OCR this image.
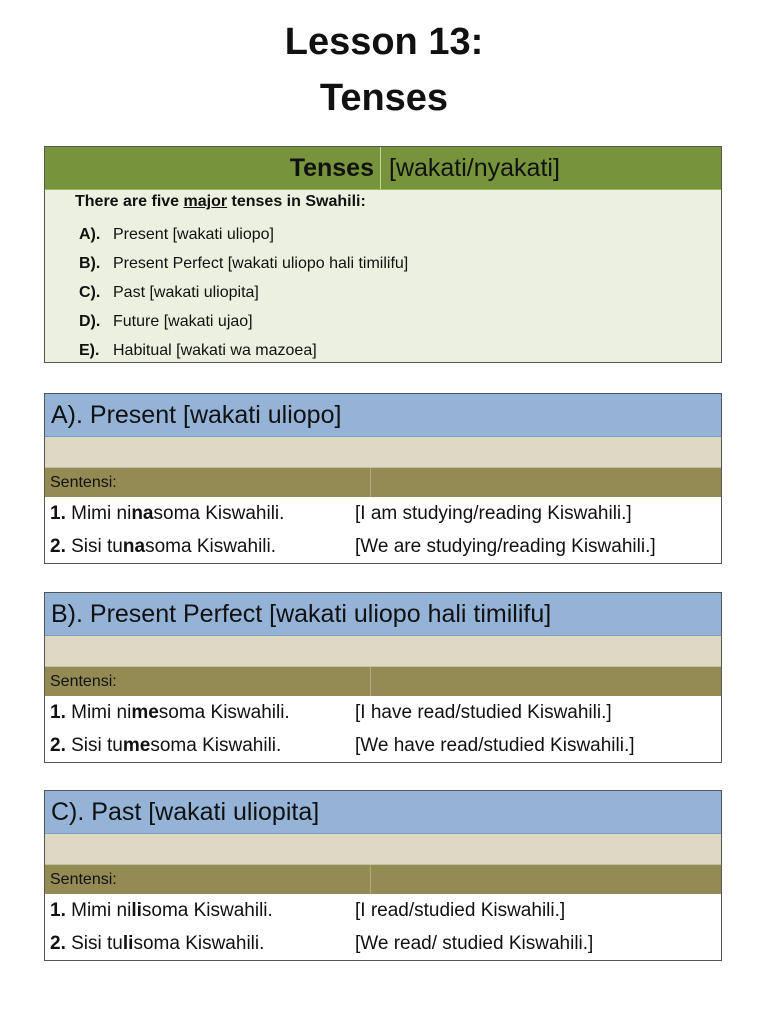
Lesson 13:
Tenses
Tenses [wakati/nyakati]
There are five major tenses in Swahili:
A). Present [wakati uliopo]
B). Present Perfect [wakati uliopo hali timilifu]
C). Past [wakati uliopita]
D). Future [wakati ujao]
E). Habitual [wakati wa mazoea]
A). Present [wakati uliopo]
Sentensi:
1. Mimi ninasoma Kiswahili.	[I am studying/reading Kiswahili.]
2. Sisi tunasoma Kiswahili.	[We are studying/reading Kiswahili.]
B). Present Perfect [wakati uliopo hali timilifu]
Sentensi:
1. Mimi nimesoma Kiswahili.	[I have read/studied Kiswahili.]
2. Sisi tumesoma Kiswahili.	[We have read/studied Kiswahili.]
C). Past [wakati uliopita]
Sentensi:
1. Mimi nilisoma Kiswahili.	[I read/studied Kiswahili.]
2. Sisi tulisoma Kiswahili.	[We read/ studied Kiswahili.]
